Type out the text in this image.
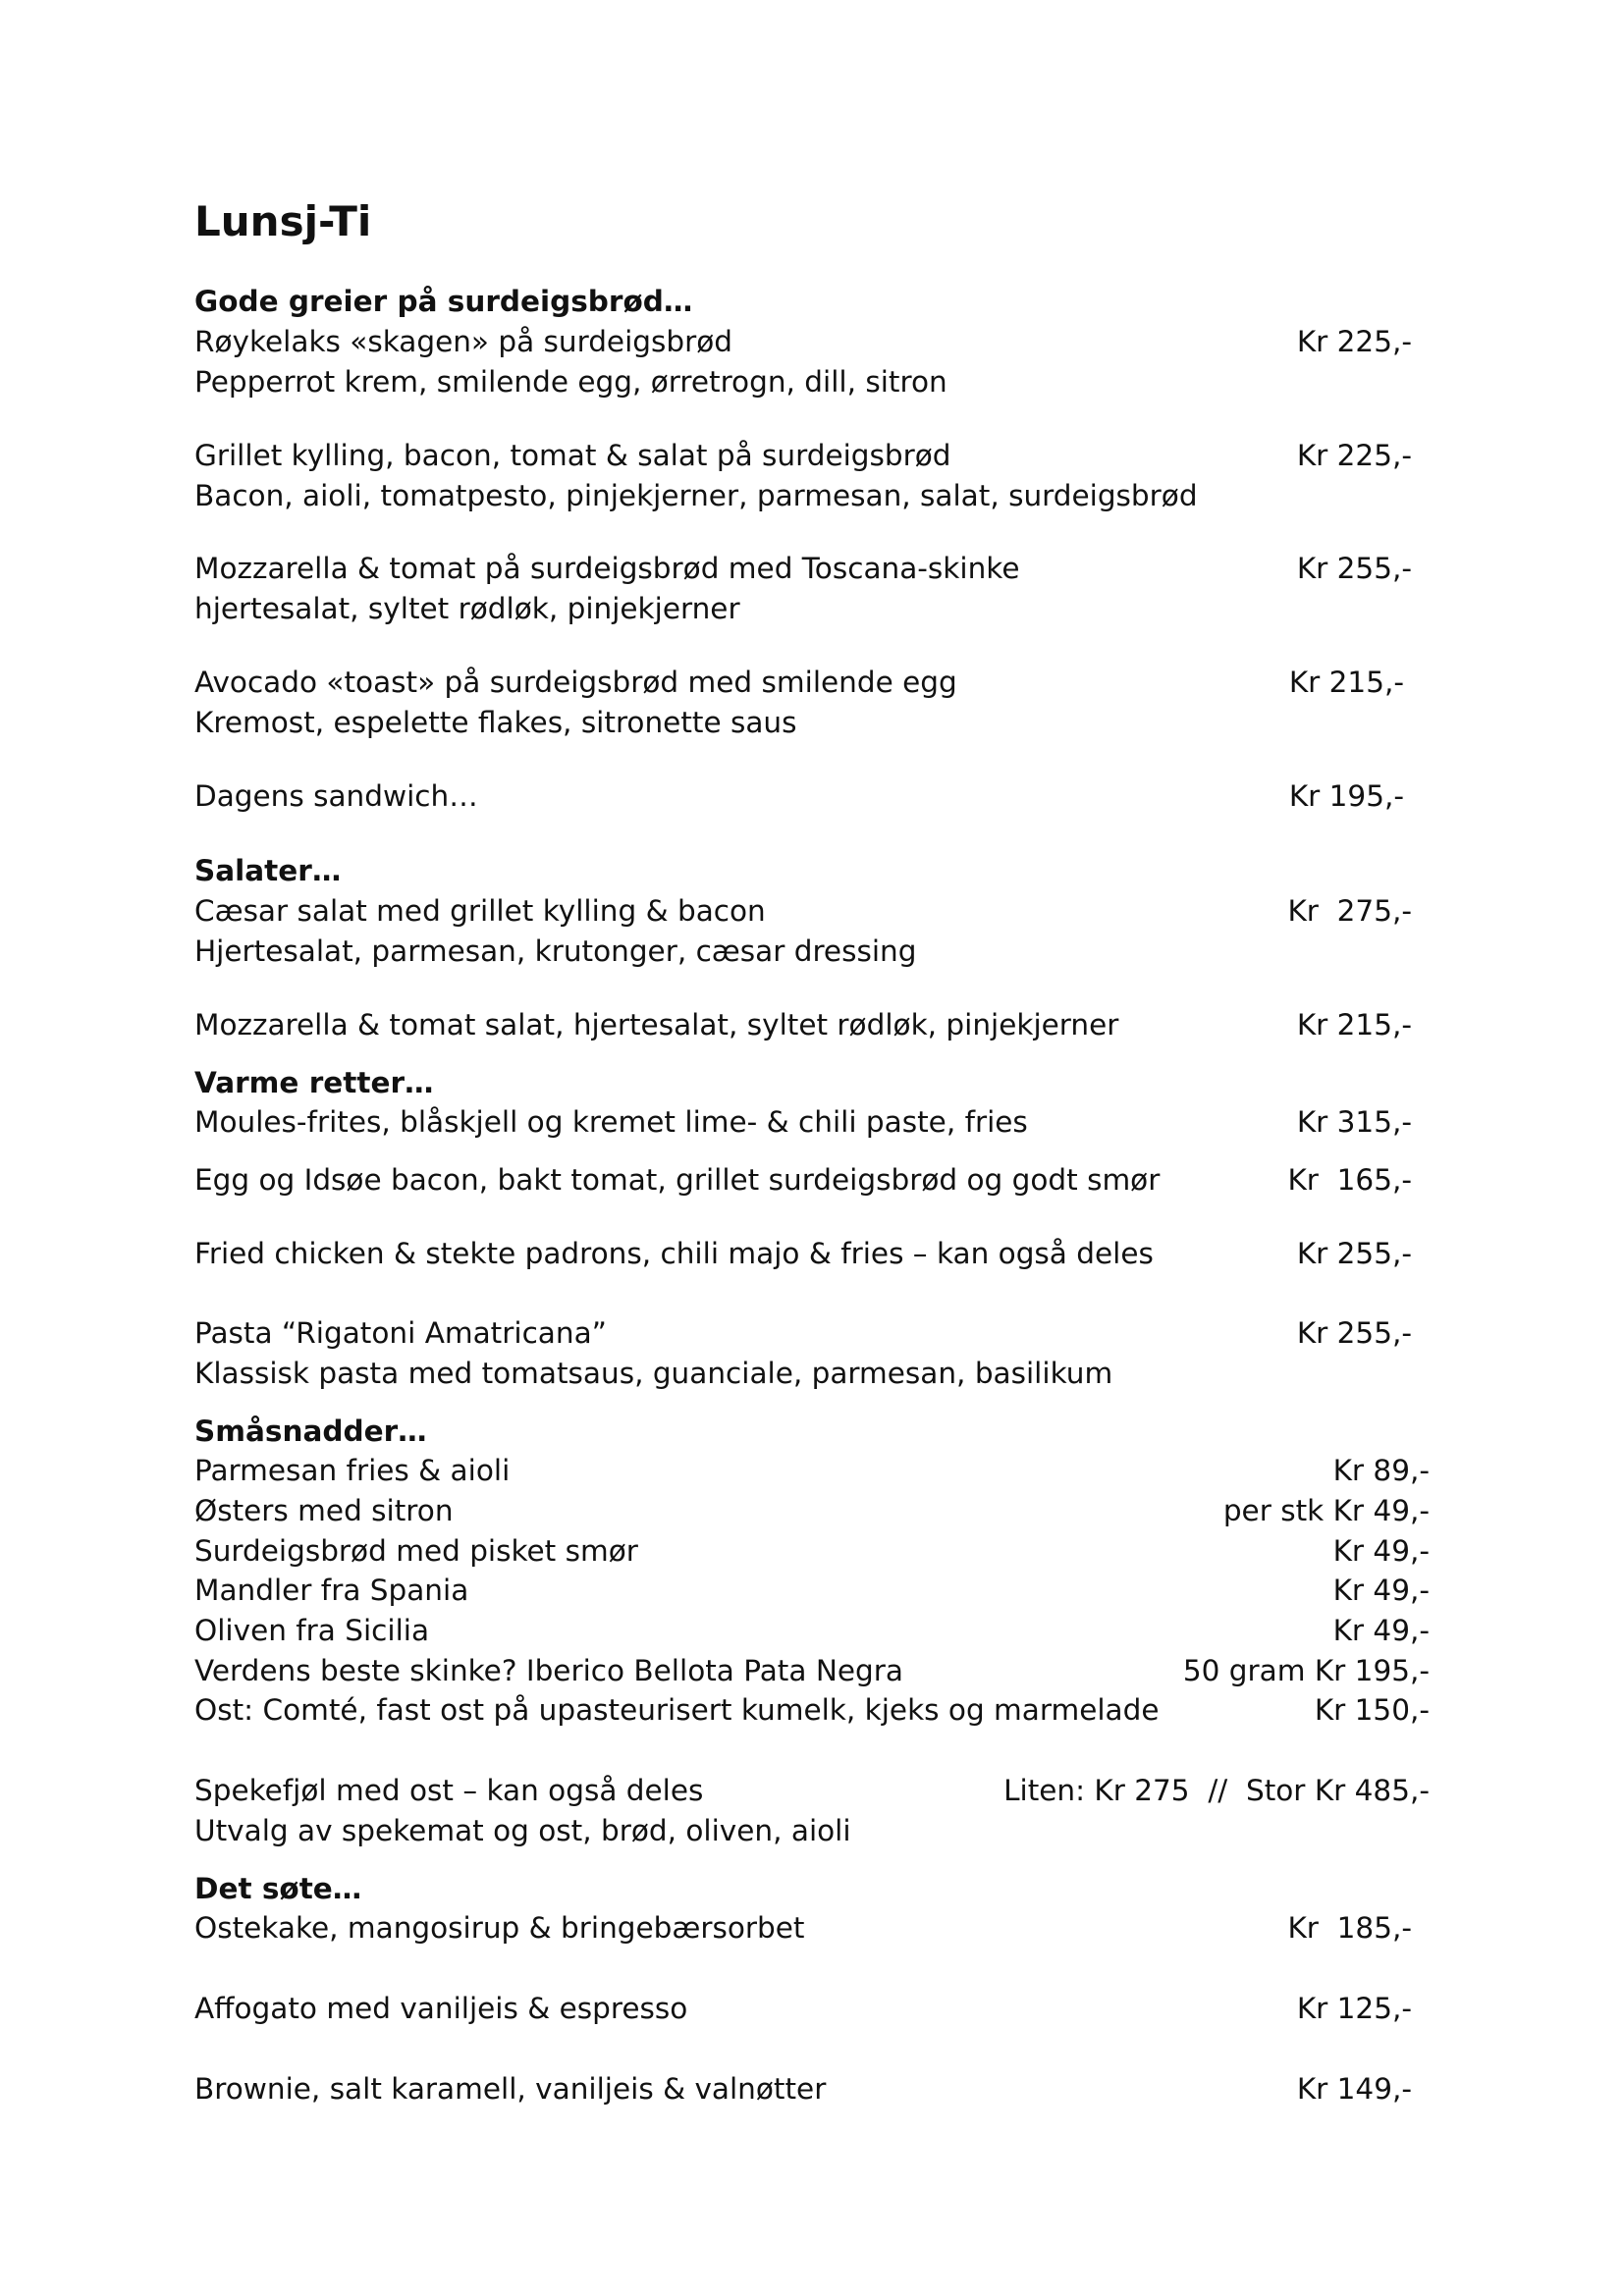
Lunsj-Ti
Gode greier på surdeigsbrød…
Røykelaks «skagen» på surdeigsbrød	Kr 225,-
Pepperrot krem, smilende egg, ørretrogn, dill, sitron
Grillet kylling, bacon, tomat & salat på surdeigsbrød	Kr 225,-
Bacon, aioli, tomatpesto, pinjekjerner, parmesan, salat, surdeigsbrød
Mozzarella & tomat på surdeigsbrød med Toscana-skinke	Kr 255,-
hjertesalat, syltet rødløk, pinjekjerner
Avocado «toast» på surdeigsbrød med smilende egg	Kr 215,-
Kremost, espelette flakes, sitronette saus
Dagens sandwich…	Kr 195,-
Salater…
Cæsar salat med grillet kylling & bacon	Kr  275,-
Hjertesalat, parmesan, krutonger, cæsar dressing
Mozzarella & tomat salat, hjertesalat, syltet rødløk, pinjekjerner	Kr 215,-
Varme retter…
Moules-frites, blåskjell og kremet lime- & chili paste, fries	Kr 315,-
Egg og Idsøe bacon, bakt tomat, grillet surdeigsbrød og godt smør	Kr  165,-
Fried chicken & stekte padrons, chili majo & fries – kan også deles	Kr 255,-
Pasta “Rigatoni Amatricana”	Kr 255,-
Klassisk pasta med tomatsaus, guanciale, parmesan, basilikum
Småsnadder…
Parmesan fries & aioli	Kr 89,-
Østers med sitron	per stk Kr 49,-
Surdeigsbrød med pisket smør	Kr 49,-
Mandler fra Spania	Kr 49,-
Oliven fra Sicilia	Kr 49,-
Verdens beste skinke? Iberico Bellota Pata Negra	50 gram Kr 195,-
Ost: Comté, fast ost på upasteurisert kumelk, kjeks og marmelade	Kr 150,-
Spekefjøl med ost – kan også deles	Liten: Kr 275  //  Stor Kr 485,-
Utvalg av spekemat og ost, brød, oliven, aioli
Det søte…
Ostekake, mangosirup & bringebærsorbet	Kr  185,-
Affogato med vaniljeis & espresso	Kr 125,-
Brownie, salt karamell, vaniljeis & valnøtter	Kr 149,-
